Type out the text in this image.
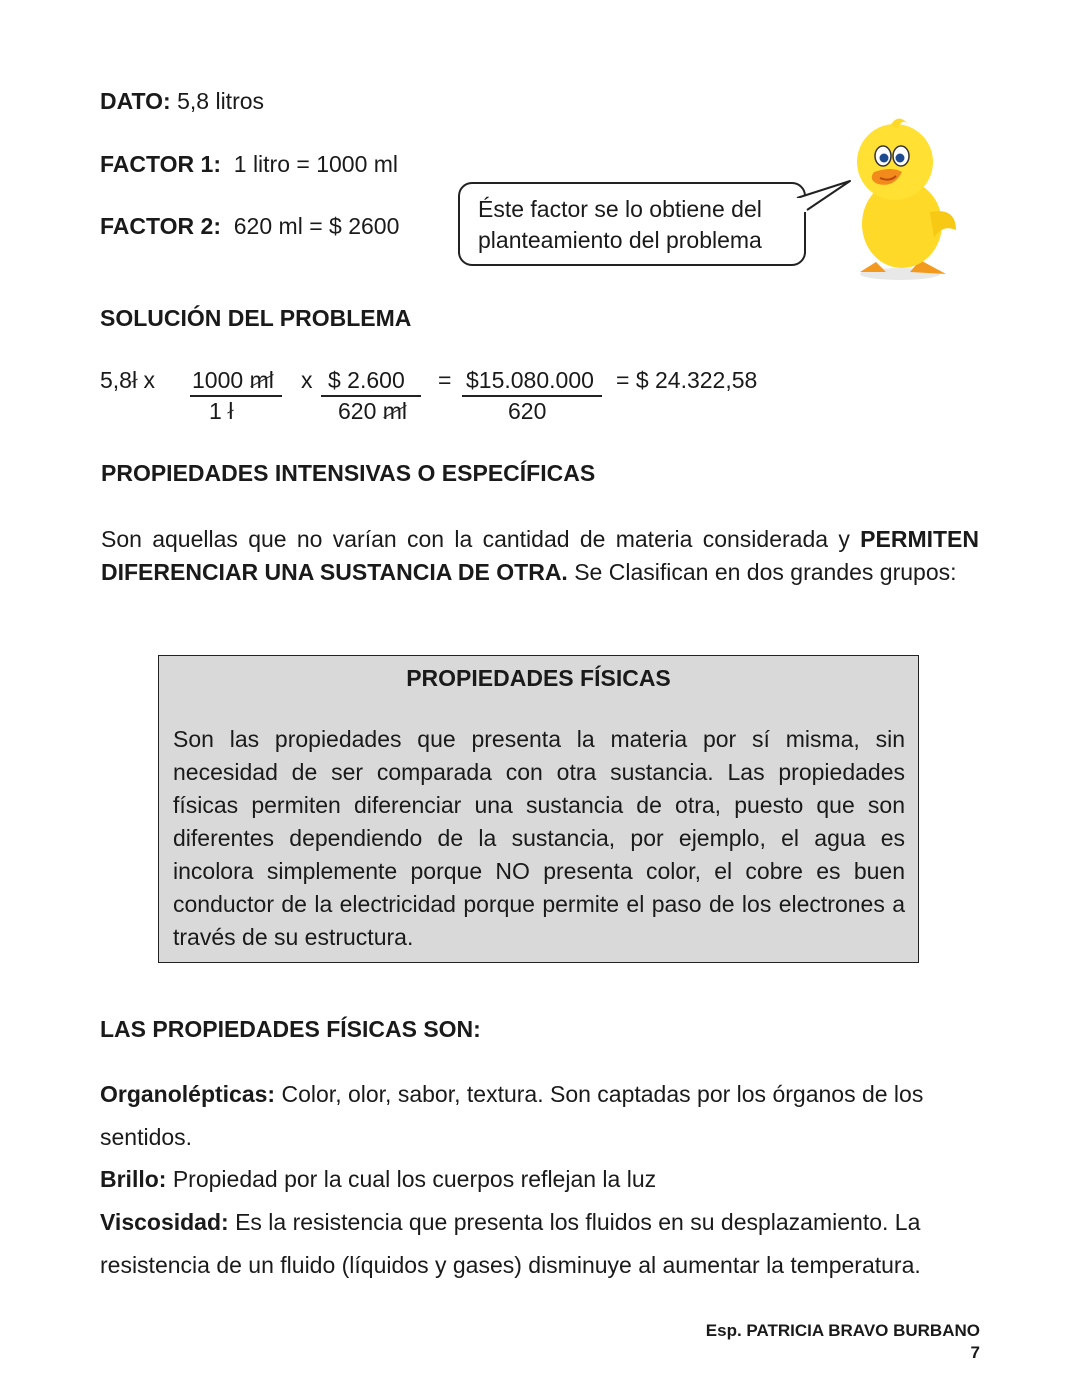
DATO: 5,8 litros
FACTOR 1: 1 litro = 1000 ml
FACTOR 2: 620 ml = $ 2600
Éste factor se lo obtiene del
planteamiento del problema
SOLUCIÓN DEL PROBLEMA
5,8l x 1000 ml
1 l
x $ 2.600
620 ml
= $15.080.000
620
= $ 24.322,58
PROPIEDADES INTENSIVAS O ESPECÍFICAS

Son aquellas que no varían con la cantidad de materia considerada y PERMITEN DIFERENCIAR UNA SUSTANCIA DE OTRA. Se Clasifican en dos grandes grupos:

PROPIEDADES FÍSICAS

Son las propiedades que presenta la materia por sí misma, sin necesidad de ser comparada con otra sustancia. Las propiedades físicas permiten diferenciar una sustancia de otra, puesto que son diferentes dependiendo de la sustancia, por ejemplo, el agua es incolora simplemente porque NO presenta color, el cobre es buen conductor de la electricidad porque permite el paso de los electrones a través de su estructura.

LAS PROPIEDADES FÍSICAS SON:

Organolépticas: Color, olor, sabor, textura. Son captadas por los órganos de los sentidos.

Brillo: Propiedad por la cual los cuerpos reflejan la luz

Viscosidad: Es la resistencia que presenta los fluidos en su desplazamiento. La resistencia de un fluido (líquidos y gases) disminuye al aumentar la temperatura.

Esp. PATRICIA BRAVO BURBANO
7
